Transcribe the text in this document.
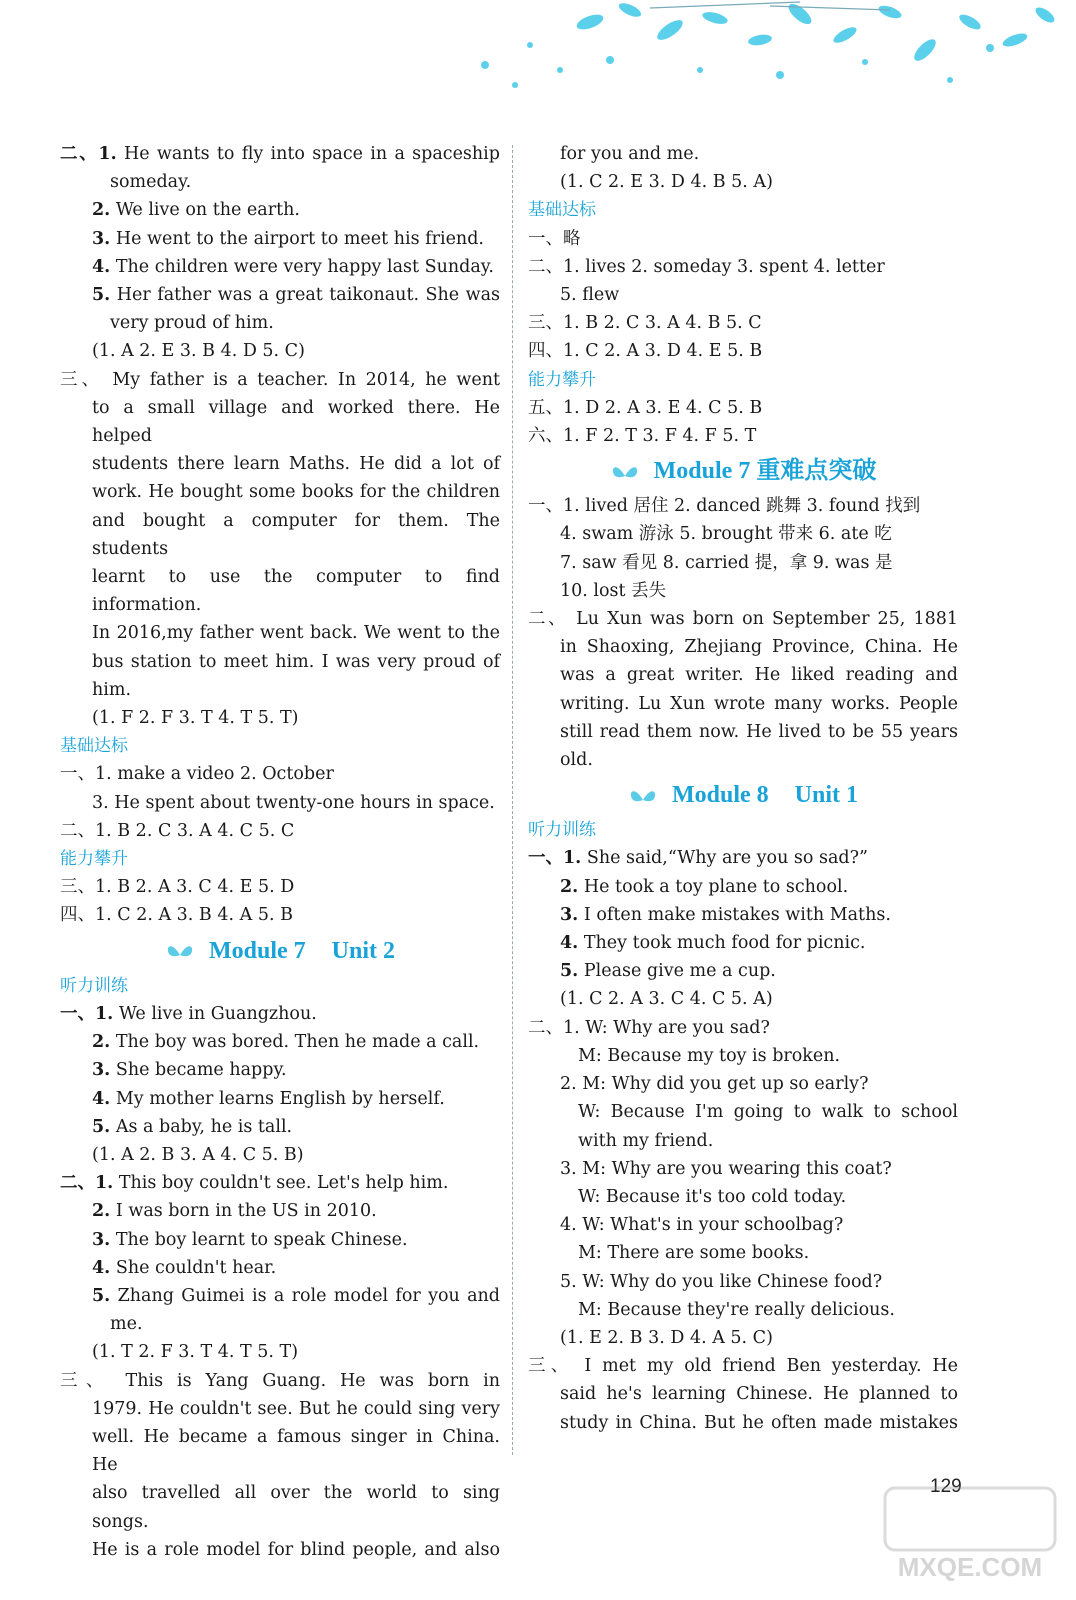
二、1. He wants to fly into space in a spaceship
someday.
2. We live on the earth.
3. He went to the airport to meet his friend.
4. The children were very happy last Sunday.
5. Her father was a great taikonaut. She was
very proud of him.
(1. A 2. E 3. B 4. D 5. C)
三、 My father is a teacher. In 2014, he went
to a small village and worked there. He helped
students there learn Maths. He did a lot of
work. He bought some books for the children
and bought a computer for them. The students
learnt to use the computer to find information.
In 2016,my father went back. We went to the
bus station to meet him. I was very proud of
him.
(1. F 2. F 3. T 4. T 5. T)
基础达标
一、1. make a video 2. October
3. He spent about twenty-one hours in space.
二、1. B 2. C 3. A 4. C 5. C
能力攀升
三、1. B 2. A 3. C 4. E 5. D
四、1. C 2. A 3. B 4. A 5. B
Module 7 Unit 2
听力训练
一、1. We live in Guangzhou.
2. The boy was bored. Then he made a call.
3. She became happy.
4. My mother learns English by herself.
5. As a baby, he is tall.
(1. A 2. B 3. A 4. C 5. B)
二、1. This boy couldn't see. Let's help him.
2. I was born in the US in 2010.
3. The boy learnt to speak Chinese.
4. She couldn't hear.
5. Zhang Guimei is a role model for you and
me.
(1. T 2. F 3. T 4. T 5. T)
三、 This is Yang Guang. He was born in
1979. He couldn't see. But he could sing very
well. He became a famous singer in China. He
also travelled all over the world to sing songs.
He is a role model for blind people, and also
for you and me.
(1. C 2. E 3. D 4. B 5. A)
基础达标
一、略
二、1. lives 2. someday 3. spent 4. letter
5. flew
三、1. B 2. C 3. A 4. B 5. C
四、1. C 2. A 3. D 4. E 5. B
能力攀升
五、1. D 2. A 3. E 4. C 5. B
六、1. F 2. T 3. F 4. F 5. T
Module 7 重难点突破
一、1. lived 居住 2. danced 跳舞 3. found 找到
4. swam 游泳 5. brought 带来 6. ate 吃
7. saw 看见 8. carried 提，拿 9. was 是
10. lost 丢失
二、 Lu Xun was born on September 25, 1881
in Shaoxing, Zhejiang Province, China. He
was a great writer. He liked reading and
writing. Lu Xun wrote many works. People
still read them now. He lived to be 55 years
old.
Module 8 Unit 1
听力训练
一、1. She said,“Why are you so sad?”
2. He took a toy plane to school.
3. I often make mistakes with Maths.
4. They took much food for picnic.
5. Please give me a cup.
(1. C 2. A 3. C 4. C 5. A)
二、1. W: Why are you sad?
M: Because my toy is broken.
2. M: Why did you get up so early?
W: Because I'm going to walk to school
with my friend.
3. M: Why are you wearing this coat?
W: Because it's too cold today.
4. W: What's in your schoolbag?
M: There are some books.
5. W: Why do you like Chinese food?
M: Because they're really delicious.
(1. E 2. B 3. D 4. A 5. C)
三、 I met my old friend Ben yesterday. He
said he's learning Chinese. He planned to
study in China. But he often made mistakes
129
MXQE.COM
